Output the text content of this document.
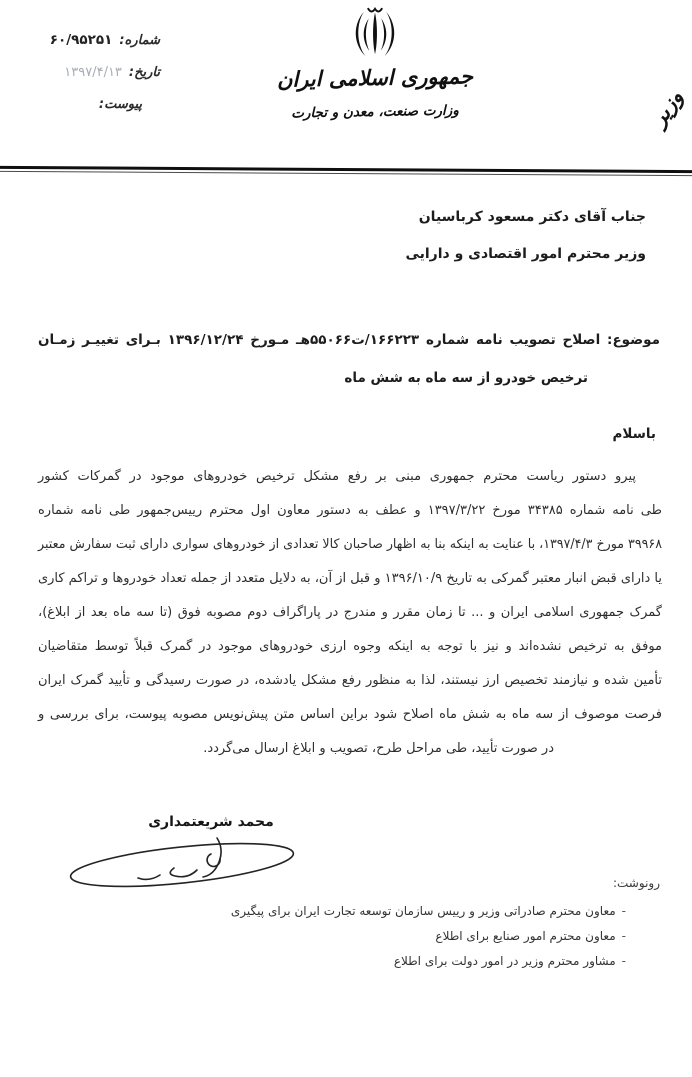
شماره:
۶۰/۹۵۲۵۱
تاریخ:
۱۳۹۷/۴/۱۳
پیوست:
جمهوری اسلامی ایران
وزارت صنعت، معدن و تجارت	وزیر
جناب آقای دکتر مسعود کرباسیان
وزیر محترم امور اقتصادی و دارایی
موضوع: اصلاح تصویب نامه شماره ۱۶۶۲۲۳/ت۵۵۰۶۶هـ مـورخ ۱۳۹۶/۱۲/۲۴ بـرای تغییـر زمـان
ترخیص خودرو از سه ماه به شش ماه
باسلام
پیرو دستور ریاست محترم جمهوری مبنی بر رفع مشکل ترخیص خودروهای موجود در گمرکات کشور
طی نامه شماره ۳۴۳۸۵ مورخ ۱۳۹۷/۳/۲۲ و عطف به دستور معاون اول محترم رییس‌جمهور طی نامه شماره
۳۹۹۶۸ مورخ ۱۳۹۷/۴/۳، با عنایت به اینکه بنا به اظهار صاحبان کالا تعدادی از خودروهای سواری دارای ثبت سفارش معتبر
یا دارای قبض انبار معتبر گمرکی به تاریخ ۱۳۹۶/۱۰/۹ و قبل از آن، به دلایل متعدد از جمله تعداد خودروها و تراکم کاری
گمرک جمهوری اسلامی ایران و ... تا زمان مقرر و مندرج در پاراگراف دوم مصوبه فوق (تا سه ماه بعد از ابلاغ)،
موفق به ترخیص نشده‌اند و نیز با توجه به اینکه وجوه ارزی خودروهای موجود در گمرک قبلاً توسط متقاضیان
تأمین شده و نیازمند تخصیص ارز نیستند، لذا به منظور رفع مشکل یادشده، در صورت رسیدگی و تأیید گمرک ایران
فرصت موصوف از سه ماه به شش ماه اصلاح شود براین اساس متن پیش‌نویس مصوبه پیوست، برای بررسی و
در صورت تأیید، طی مراحل طرح، تصویب و ابلاغ ارسال می‌گردد.
محمد شریعتمداری
رونوشت:
-معاون محترم صادراتی وزیر و رییس سازمان توسعه تجارت ایران برای پیگیری
-معاون محترم امور صنایع برای اطلاع
-مشاور محترم وزیر در امور دولت برای اطلاع
